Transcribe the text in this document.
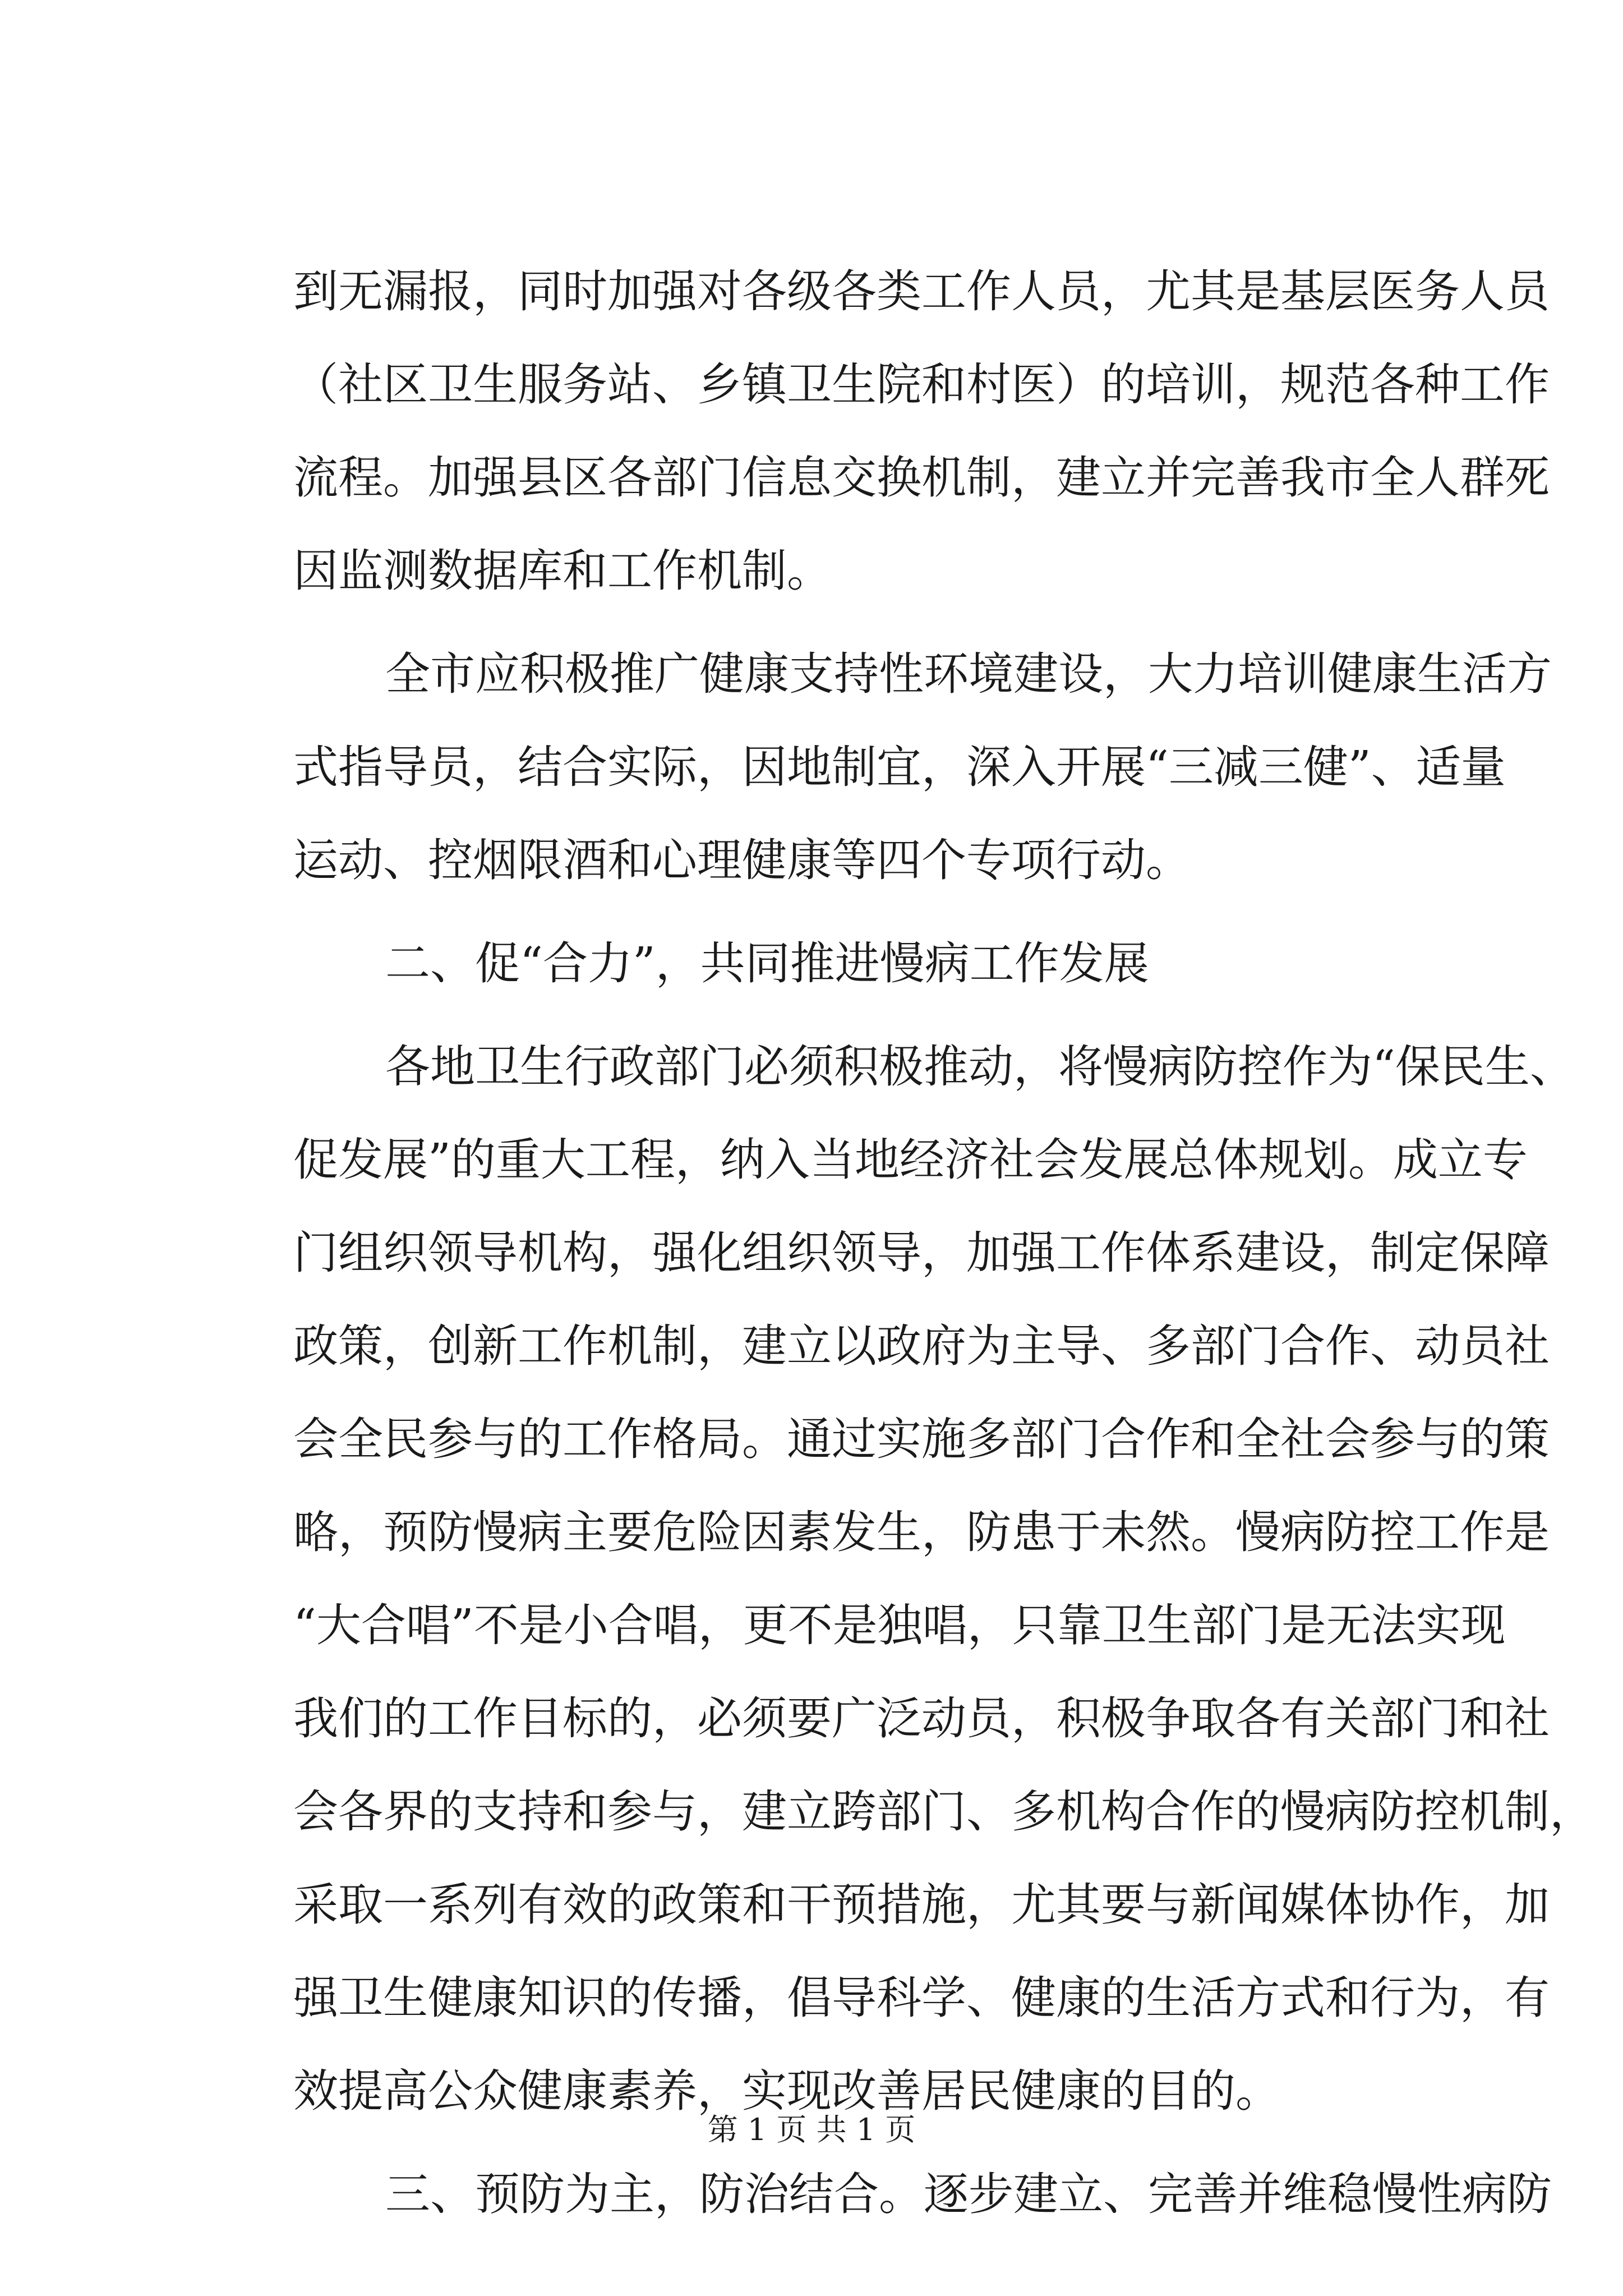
到无漏报，同时加强对各级各类工作人员，尤其是基层医务人员
（社区卫生服务站、乡镇卫生院和村医）的培训，规范各种工作
流程。加强县区各部门信息交换机制，建立并完善我市全人群死
因监测数据库和工作机制。
全市应积极推广健康支持性环境建设，大力培训健康生活方
式指导员，结合实际，因地制宜，深入开展“三减三健”、适量
运动、控烟限酒和心理健康等四个专项行动。
二、促“合力”，共同推进慢病工作发展
各地卫生行政部门必须积极推动，将慢病防控作为“保民生、
促发展”的重大工程，纳入当地经济社会发展总体规划。成立专
门组织领导机构，强化组织领导，加强工作体系建设，制定保障
政策，创新工作机制，建立以政府为主导、多部门合作、动员社
会全民参与的工作格局。通过实施多部门合作和全社会参与的策
略，预防慢病主要危险因素发生，防患于未然。慢病防控工作是
“大合唱”不是小合唱，更不是独唱，只靠卫生部门是无法实现
我们的工作目标的，必须要广泛动员，积极争取各有关部门和社
会各界的支持和参与，建立跨部门、多机构合作的慢病防控机制，
采取一系列有效的政策和干预措施，尤其要与新闻媒体协作，加
强卫生健康知识的传播，倡导科学、健康的生活方式和行为，有
效提高公众健康素养，实现改善居民健康的目的。
三、预防为主，防治结合。逐步建立、完善并维稳慢性病防
第 1 页 共 1 页
